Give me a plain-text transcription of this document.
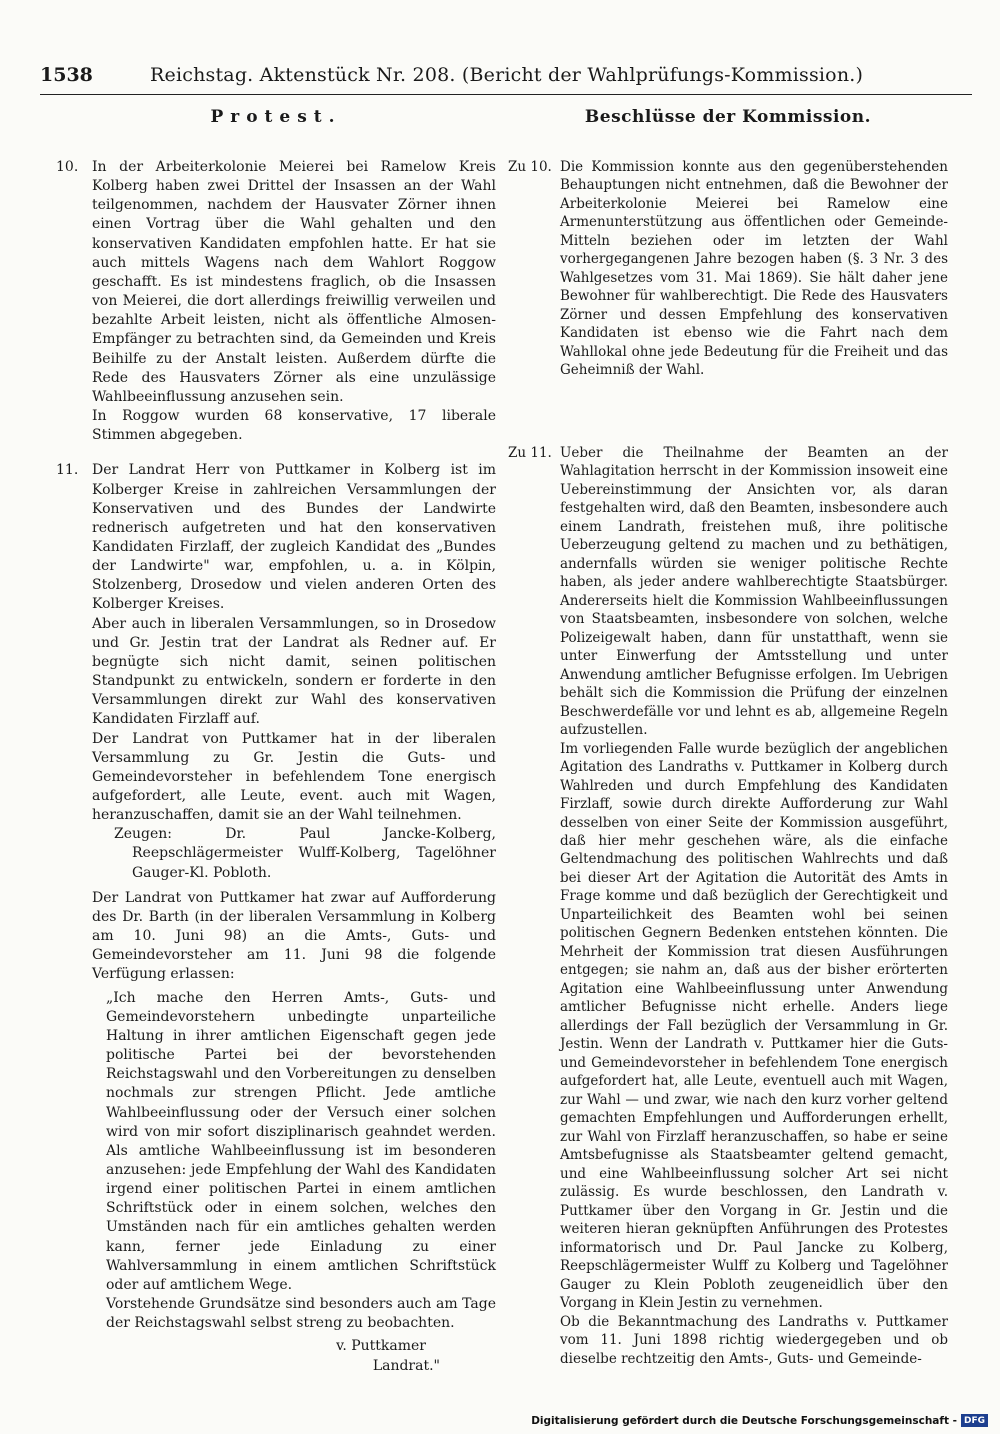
1538	Reichstag. Aktenstück Nr. 208. (Bericht der Wahlprüfungs-Kommission.)
Protest.
10. In der Arbeiterkolonie Meierei bei Ramelow Kreis Kolberg haben zwei Drittel der Insassen an der Wahl teilgenommen, nachdem der Hausvater Zörner ihnen einen Vortrag über die Wahl gehalten und den konservativen Kandidaten empfohlen hatte. Er hat sie auch mittels Wagens nach dem Wahlort Roggow geschafft. Es ist mindestens fraglich, ob die Insassen von Meierei, die dort allerdings freiwillig verweilen und bezahlte Arbeit leisten, nicht als öffentliche Almosen-Empfänger zu betrachten sind, da Gemeinden und Kreis Beihilfe zu der Anstalt leisten. Außerdem dürfte die Rede des Hausvaters Zörner als eine unzulässige Wahlbeeinflussung anzusehen sein.

In Roggow wurden 68 konservative, 17 liberale Stimmen abgegeben.

11. Der Landrat Herr von Puttkamer in Kolberg ist im Kolberger Kreise in zahlreichen Versammlungen der Konservativen und des Bundes der Landwirte rednerisch aufgetreten und hat den konservativen Kandidaten Firzlaff, der zugleich Kandidat des „Bundes der Landwirte" war, empfohlen, u. a. in Kölpin, Stolzenberg, Drosedow und vielen anderen Orten des Kolberger Kreises.

Aber auch in liberalen Versammlungen, so in Drosedow und Gr. Jestin trat der Landrat als Redner auf. Er begnügte sich nicht damit, seinen politischen Standpunkt zu entwickeln, sondern er forderte in den Versammlungen direkt zur Wahl des konservativen Kandidaten Firzlaff auf.

Der Landrat von Puttkamer hat in der liberalen Versammlung zu Gr. Jestin die Guts- und Gemeindevorsteher in befehlendem Tone energisch aufgefordert, alle Leute, event. auch mit Wagen, heranzuschaffen, damit sie an der Wahl teilnehmen.

Zeugen: Dr. Paul Jancke-Kolberg, Reepschlägermeister Wulff-Kolberg, Tagelöhner Gauger-Kl. Pobloth.

Der Landrat von Puttkamer hat zwar auf Aufforderung des Dr. Barth (in der liberalen Versammlung in Kolberg am 10. Juni 98) an die Amts-, Guts- und Gemeindevorsteher am 11. Juni 98 die folgende Verfügung erlassen:

„Ich mache den Herren Amts-, Guts- und Gemeindevorstehern unbedingte unparteiliche Haltung in ihrer amtlichen Eigenschaft gegen jede politische Partei bei der bevorstehenden Reichstagswahl und den Vorbereitungen zu denselben nochmals zur strengen Pflicht. Jede amtliche Wahlbeeinflussung oder der Versuch einer solchen wird von mir sofort disziplinarisch geahndet werden. Als amtliche Wahlbeeinflussung ist im besonderen anzusehen: jede Empfehlung der Wahl des Kandidaten irgend einer politischen Partei in einem amtlichen Schriftstück oder in einem solchen, welches den Umständen nach für ein amtliches gehalten werden kann, ferner jede Einladung zu einer Wahlversammlung in einem amtlichen Schriftstück oder auf amtlichem Wege.

Vorstehende Grundsätze sind besonders auch am Tage der Reichstagswahl selbst streng zu beobachten.

v. Puttkamer

Landrat."

Beschlüsse der Kommission.
Zu 10. Die Kommission konnte aus den gegenüberstehenden Behauptungen nicht entnehmen, daß die Bewohner der Arbeiterkolonie Meierei bei Ramelow eine Armenunterstützung aus öffentlichen oder Gemeinde-Mitteln beziehen oder im letzten der Wahl vorhergegangenen Jahre bezogen haben (§. 3 Nr. 3 des Wahlgesetzes vom 31. Mai 1869). Sie hält daher jene Bewohner für wahlberechtigt. Die Rede des Hausvaters Zörner und dessen Empfehlung des konservativen Kandidaten ist ebenso wie die Fahrt nach dem Wahllokal ohne jede Bedeutung für die Freiheit und das Geheimniß der Wahl.

Zu 11. Ueber die Theilnahme der Beamten an der Wahlagitation herrscht in der Kommission insoweit eine Uebereinstimmung der Ansichten vor, als daran festgehalten wird, daß den Beamten, insbesondere auch einem Landrath, freistehen muß, ihre politische Ueberzeugung geltend zu machen und zu bethätigen, andernfalls würden sie weniger politische Rechte haben, als jeder andere wahlberechtigte Staatsbürger. Andererseits hielt die Kommission Wahlbeeinflussungen von Staatsbeamten, insbesondere von solchen, welche Polizeigewalt haben, dann für unstatthaft, wenn sie unter Einwerfung der Amtsstellung und unter Anwendung amtlicher Befugnisse erfolgen. Im Uebrigen behält sich die Kommission die Prüfung der einzelnen Beschwerdefälle vor und lehnt es ab, allgemeine Regeln aufzustellen.

Im vorliegenden Falle wurde bezüglich der angeblichen Agitation des Landraths v. Puttkamer in Kolberg durch Wahlreden und durch Empfehlung des Kandidaten Firzlaff, sowie durch direkte Aufforderung zur Wahl desselben von einer Seite der Kommission ausgeführt, daß hier mehr geschehen wäre, als die einfache Geltendmachung des politischen Wahlrechts und daß bei dieser Art der Agitation die Autorität des Amts in Frage komme und daß bezüglich der Gerechtigkeit und Unparteilichkeit des Beamten wohl bei seinen politischen Gegnern Bedenken entstehen könnten. Die Mehrheit der Kommission trat diesen Ausführungen entgegen; sie nahm an, daß aus der bisher erörterten Agitation eine Wahlbeeinflussung unter Anwendung amtlicher Befugnisse nicht erhelle. Anders liege allerdings der Fall bezüglich der Versammlung in Gr. Jestin. Wenn der Landrath v. Puttkamer hier die Guts- und Gemeindevorsteher in befehlendem Tone energisch aufgefordert hat, alle Leute, eventuell auch mit Wagen, zur Wahl — und zwar, wie nach den kurz vorher geltend gemachten Empfehlungen und Aufforderungen erhellt, zur Wahl von Firzlaff heranzuschaffen, so habe er seine Amtsbefugnisse als Staatsbeamter geltend gemacht, und eine Wahlbeeinflussung solcher Art sei nicht zulässig. Es wurde beschlossen, den Landrath v. Puttkamer über den Vorgang in Gr. Jestin und die weiteren hieran geknüpften Anführungen des Protestes informatorisch und Dr. Paul Jancke zu Kolberg, Reepschlägermeister Wulff zu Kolberg und Tagelöhner Gauger zu Klein Pobloth zeugeneidlich über den Vorgang in Klein Jestin zu vernehmen.

Ob die Bekanntmachung des Landraths v. Puttkamer vom 11. Juni 1898 richtig wiedergegeben und ob dieselbe rechtzeitig den Amts-, Guts- und Gemeinde-

Digitalisierung gefördert durch die Deutsche Forschungsgemeinschaft - DFG
